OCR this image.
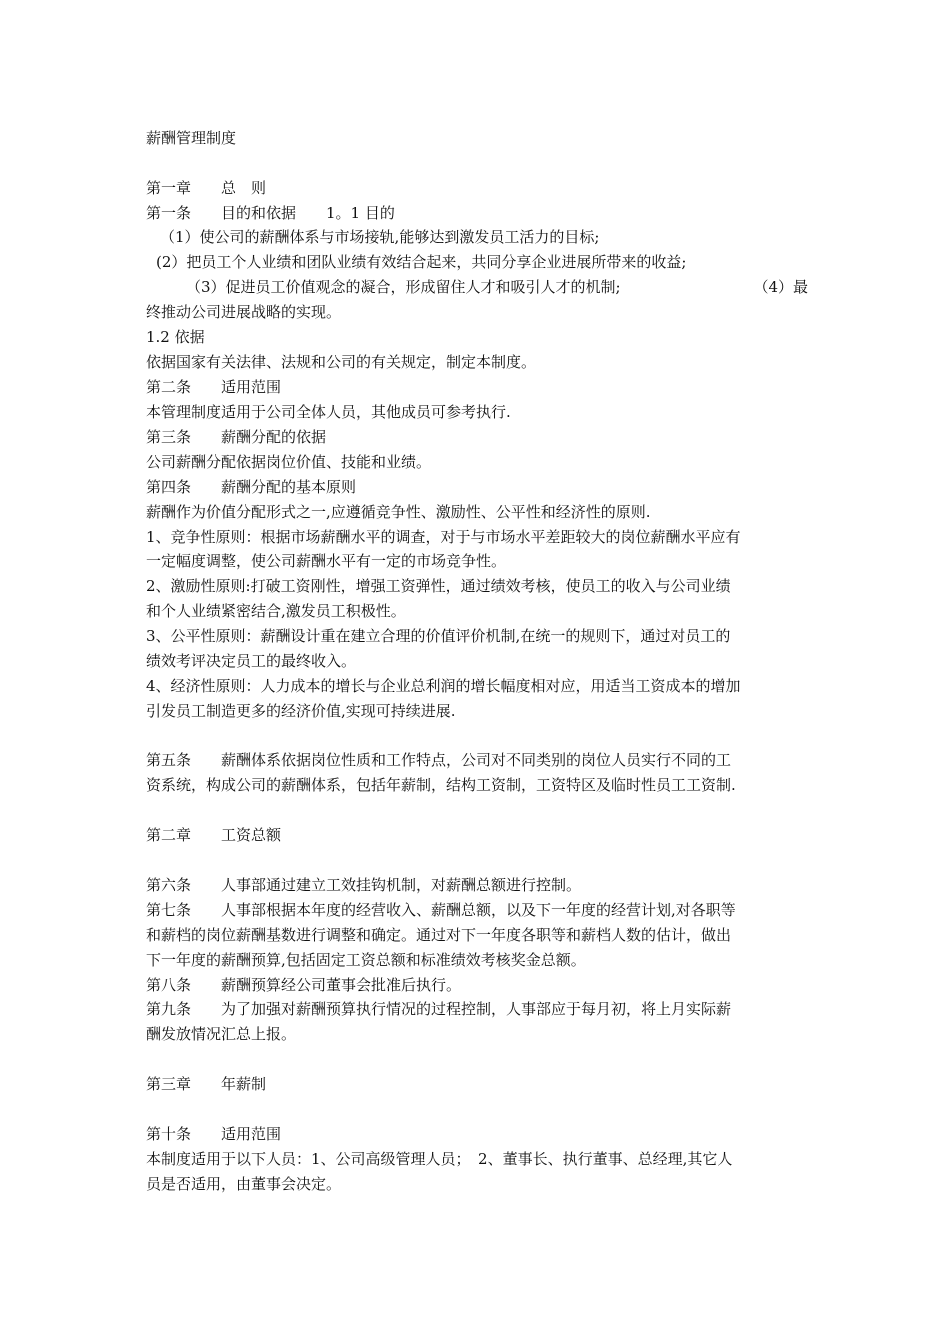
薪酬管理制度
第一章　　总　则
第一条　　目的和依据　　1。1 目的
（1）使公司的薪酬体系与市场接轨,能够达到激发员工活力的目标;
(2）把员工个人业绩和团队业绩有效结合起来，共同分享企业进展所带来的收益;
（3）促进员工价值观念的凝合，形成留住人才和吸引人才的机制;	（4）最
终推动公司进展战略的实现。
1.2 依据
依据国家有关法律、法规和公司的有关规定，制定本制度。
第二条　　适用范围
本管理制度适用于公司全体人员，其他成员可参考执行.
第三条　　薪酬分配的依据
公司薪酬分配依据岗位价值、技能和业绩。
第四条　　薪酬分配的基本原则
薪酬作为价值分配形式之一,应遵循竞争性、激励性、公平性和经济性的原则.
1、竞争性原则：根据市场薪酬水平的调查，对于与市场水平差距较大的岗位薪酬水平应有
一定幅度调整，使公司薪酬水平有一定的市场竞争性。
2、激励性原则:打破工资刚性，增强工资弹性，通过绩效考核，使员工的收入与公司业绩
和个人业绩紧密结合,激发员工积极性。
3、公平性原则：薪酬设计重在建立合理的价值评价机制,在统一的规则下，通过对员工的
绩效考评决定员工的最终收入。
4、经济性原则：人力成本的增长与企业总利润的增长幅度相对应，用适当工资成本的增加
引发员工制造更多的经济价值,实现可持续进展.
第五条　　薪酬体系依据岗位性质和工作特点，公司对不同类别的岗位人员实行不同的工
资系统，构成公司的薪酬体系，包括年薪制，结构工资制，工资特区及临时性员工工资制.
第二章　　工资总额
第六条　　人事部通过建立工效挂钩机制，对薪酬总额进行控制。
第七条　　人事部根据本年度的经营收入、薪酬总额，以及下一年度的经营计划,对各职等
和薪档的岗位薪酬基数进行调整和确定。通过对下一年度各职等和薪档人数的估计，做出
下一年度的薪酬预算,包括固定工资总额和标准绩效考核奖金总额。
第八条　　薪酬预算经公司董事会批准后执行。
第九条　　为了加强对薪酬预算执行情况的过程控制，人事部应于每月初，将上月实际薪
酬发放情况汇总上报。
第三章　　年薪制
第十条　　适用范围
本制度适用于以下人员：1、公司高级管理人员；　2、董事长、执行董事、总经理,其它人
员是否适用，由董事会决定。
